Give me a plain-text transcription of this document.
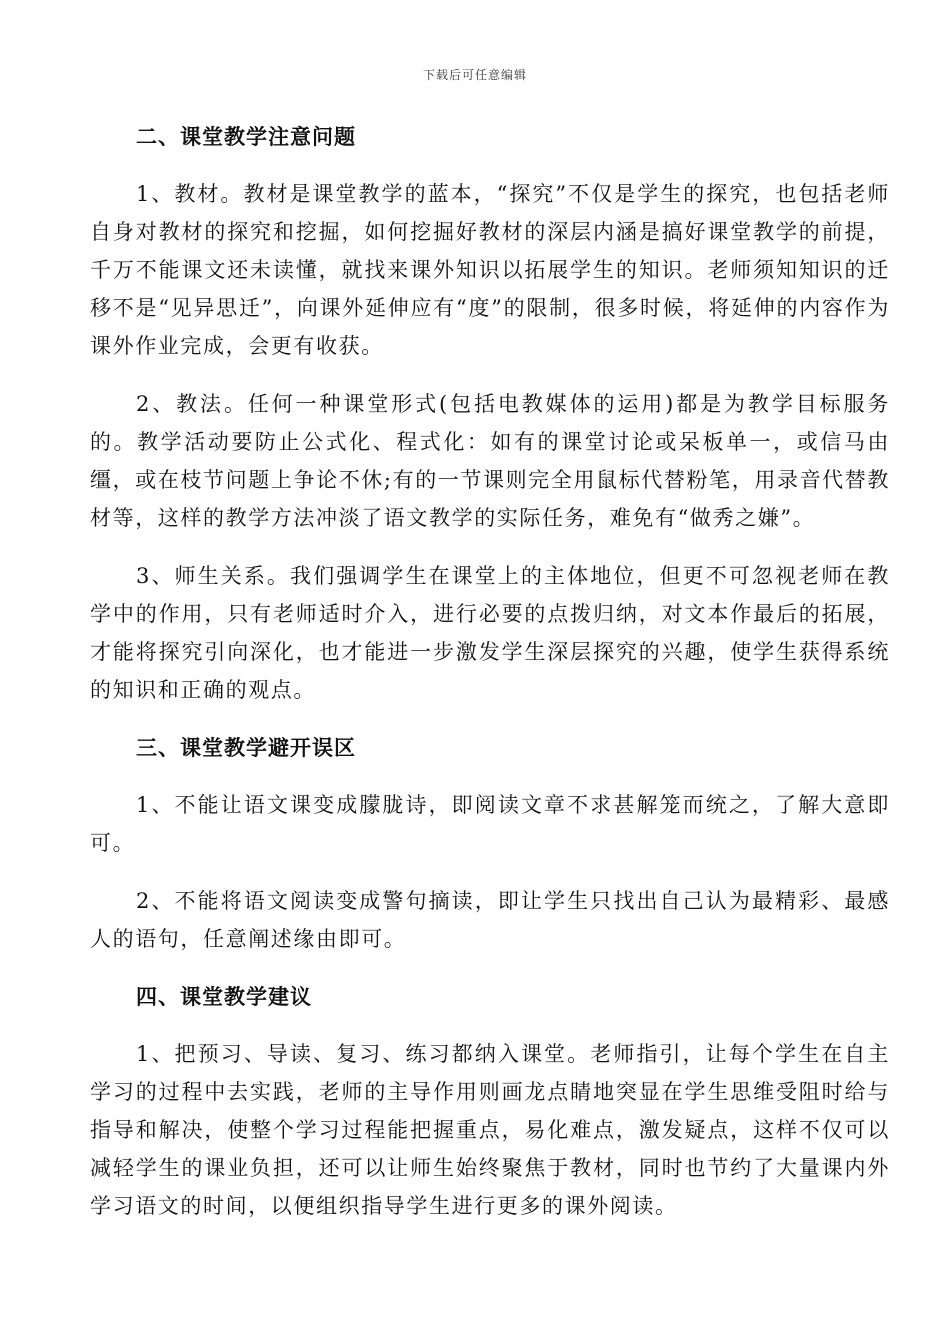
下载后可任意编辑

二、课堂教学注意问题

1、教材。教材是课堂教学的蓝本，“探究”不仅是学生的探究，也包括老师自身对教材的探究和挖掘，如何挖掘好教材的深层内涵是搞好课堂教学的前提，千万不能课文还未读懂，就找来课外知识以拓展学生的知识。老师须知知识的迁移不是“见异思迁”，向课外延伸应有“度”的限制，很多时候，将延伸的内容作为课外作业完成，会更有收获。

2、教法。任何一种课堂形式(包括电教媒体的运用)都是为教学目标服务的。教学活动要防止公式化、程式化：如有的课堂讨论或呆板单一，或信马由缰，或在枝节问题上争论不休;有的一节课则完全用鼠标代替粉笔，用录音代替教材等，这样的教学方法冲淡了语文教学的实际任务，难免有“做秀之嫌”。

3、师生关系。我们强调学生在课堂上的主体地位，但更不可忽视老师在教学中的作用，只有老师适时介入，进行必要的点拨归纳，对文本作最后的拓展，才能将探究引向深化，也才能进一步激发学生深层探究的兴趣，使学生获得系统的知识和正确的观点。

三、课堂教学避开误区

1、不能让语文课变成朦胧诗，即阅读文章不求甚解笼而统之，了解大意即可。

2、不能将语文阅读变成警句摘读，即让学生只找出自己认为最精彩、最感人的语句，任意阐述缘由即可。

四、课堂教学建议

1、把预习、导读、复习、练习都纳入课堂。老师指引，让每个学生在自主学习的过程中去实践，老师的主导作用则画龙点睛地突显在学生思维受阻时给与指导和解决，使整个学习过程能把握重点，易化难点，激发疑点，这样不仅可以减轻学生的课业负担，还可以让师生始终聚焦于教材，同时也节约了大量课内外学习语文的时间，以便组织指导学生进行更多的课外阅读。
